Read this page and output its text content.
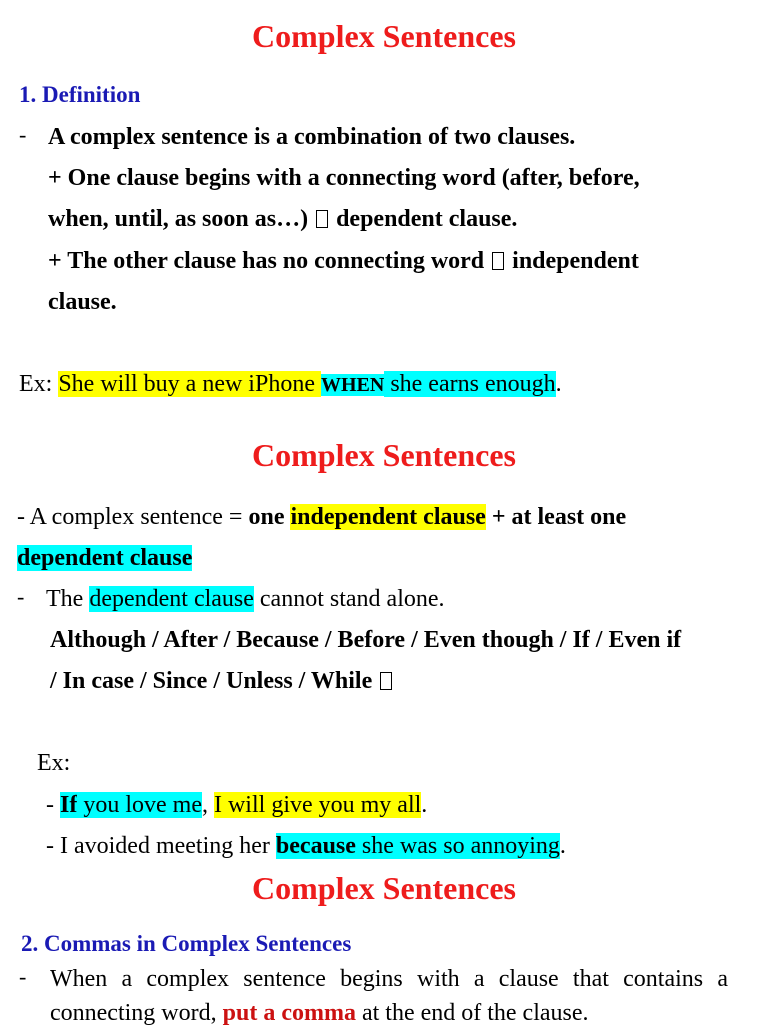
Complex Sentences
1. Definition
- A complex sentence is a combination of two clauses.
+ One clause begins with a connecting word (after, before,
when, until, as soon as…) dependent clause.
+ The other clause has no connecting word independent
clause.
Ex: She will buy a new iPhone WHEN she earns enough.
Complex Sentences
- A complex sentence = one independent clause + at least one
dependent clause
- The dependent clause cannot stand alone.
Although / After / Because / Before / Even though / If / Even if
/ In case / Since / Unless / While
Ex:
- If you love me, I will give you my all.
- I avoided meeting her because she was so annoying.
Complex Sentences
2. Commas in Complex Sentences
- When a complex sentence begins with a clause that contains a
connecting word, put a comma at the end of the clause.
